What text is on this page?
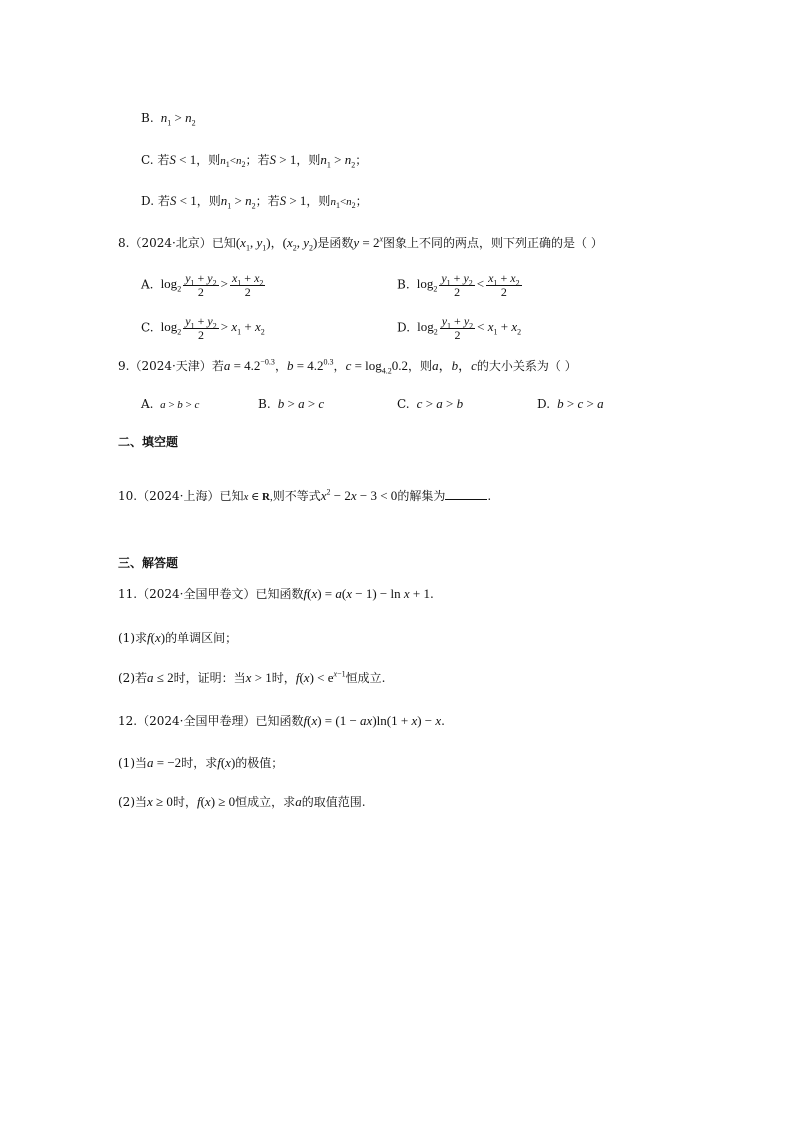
B. $n_1 > n_2$
C. 若S < 1，则$n_1<n_2$；若S > 1，则$n_1 > n_2$；
D. 若S < 1，则$n_1 > n_2$；若S > 1，则$n_1<n_2$；
8.（2024·北京）已知($x_1$, $y_1$)，($x_2$, $y_2$)是函数$y = 2^x$图象上不同的两点，则下列正确的是（ ）
A.  $\log_2 \frac{y_1 + y_2}{2} > \frac{x_1 + x_2}{2}$	B.  $\log_2 \frac{y_1 + y_2}{2} < \frac{x_1 + x_2}{2}$
C.  $\log_2 \frac{y_1 + y_2}{2} > x_1 + x_2$	D.  $\log_2 \frac{y_1 + y_2}{2} < x_1 + x_2$
9.（2024·天津）若$a = 4.2^{-0.3}$，$b = 4.2^{0.3}$，$c = \log_{4.2}0.2$，则a，b，c的大小关系为（ ）
A. a > b > c	B. b > a > c	C. c > a > b	D. b > c > a
二、填空题
10.（2024·上海）已知x ∈ R,则不等式$x^2 - 2x - 3 < 0$的解集为	.
三、解答题
11.（2024·全国甲卷文）已知函数f(x) = a(x − 1) − ln x + 1.
(1)求f(x)的单调区间；
(2)若a ≤ 2时，证明：当x > 1时，$f(x) < e^{x-1}$恒成立.
12.（2024·全国甲卷理）已知函数f(x) = (1 − ax)ln(1 + x) − x.
(1)当a = −2时，求f(x)的极值；
(2)当x ≥ 0时，f(x) ≥ 0恒成立，求a的取值范围.
